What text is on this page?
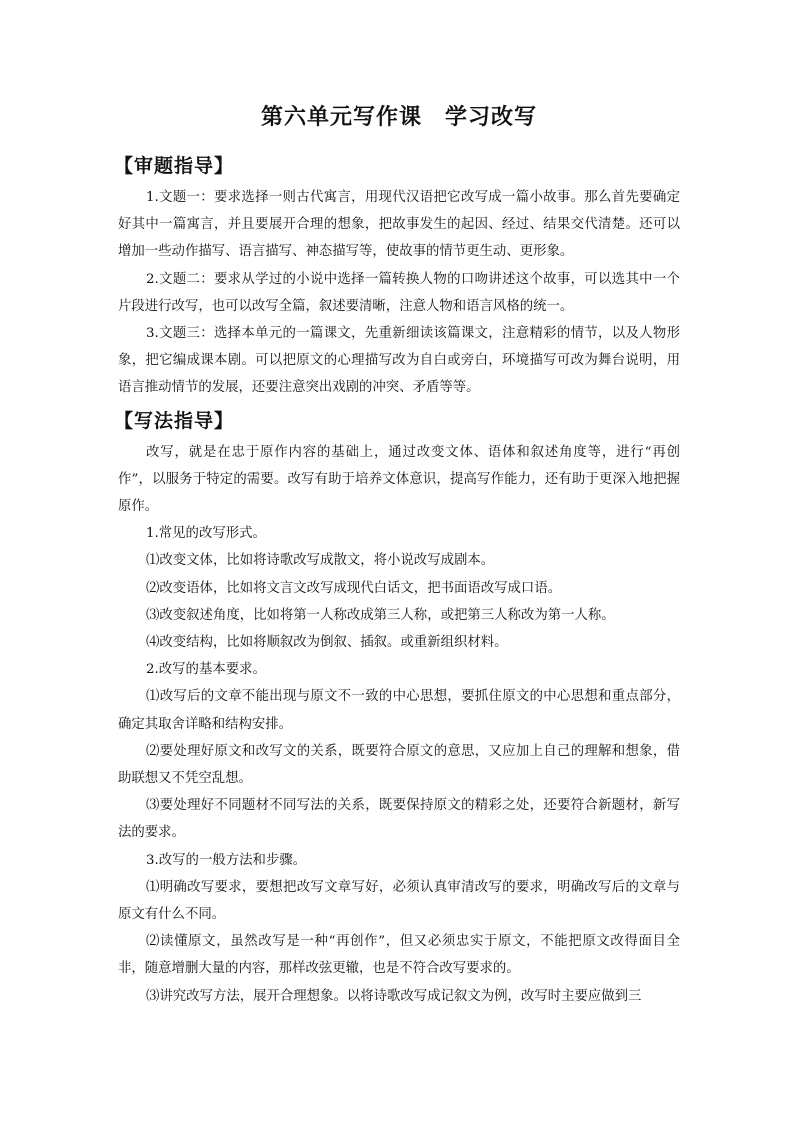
第六单元写作课　学习改写
【审题指导】

1.文题一：要求选择一则古代寓言，用现代汉语把它改写成一篇小故事。那么首先要确定好其中一篇寓言，并且要展开合理的想象，把故事发生的起因、经过、结果交代清楚。还可以增加一些动作描写、语言描写、神态描写等，使故事的情节更生动、更形象。

2.文题二：要求从学过的小说中选择一篇转换人物的口吻讲述这个故事，可以选其中一个片段进行改写，也可以改写全篇，叙述要清晰，注意人物和语言风格的统一。

3.文题三：选择本单元的一篇课文，先重新细读该篇课文，注意精彩的情节，以及人物形象，把它编成课本剧。可以把原文的心理描写改为自白或旁白，环境描写可改为舞台说明，用语言推动情节的发展，还要注意突出戏剧的冲突、矛盾等等。

【写法指导】

改写，就是在忠于原作内容的基础上，通过改变文体、语体和叙述角度等，进行“再创作”，以服务于特定的需要。改写有助于培养文体意识，提高写作能力，还有助于更深入地把握原作。

1.常见的改写形式。

⑴改变文体，比如将诗歌改写成散文，将小说改写成剧本。

⑵改变语体，比如将文言文改写成现代白话文，把书面语改写成口语。

⑶改变叙述角度，比如将第一人称改成第三人称，或把第三人称改为第一人称。

⑷改变结构，比如将顺叙改为倒叙、插叙。或重新组织材料。

2.改写的基本要求。

⑴改写后的文章不能出现与原文不一致的中心思想，要抓住原文的中心思想和重点部分，确定其取舍详略和结构安排。

⑵要处理好原文和改写文的关系，既要符合原文的意思，又应加上自己的理解和想象，借助联想又不凭空乱想。

⑶要处理好不同题材不同写法的关系，既要保持原文的精彩之处，还要符合新题材，新写法的要求。

3.改写的一般方法和步骤。

⑴明确改写要求，要想把改写文章写好，必须认真审清改写的要求，明确改写后的文章与原文有什么不同。

⑵读懂原文，虽然改写是一种“再创作”，但又必须忠实于原文，不能把原文改得面目全非，随意增删大量的内容，那样改弦更辙，也是不符合改写要求的。

⑶讲究改写方法，展开合理想象。以将诗歌改写成记叙文为例，改写时主要应做到三
